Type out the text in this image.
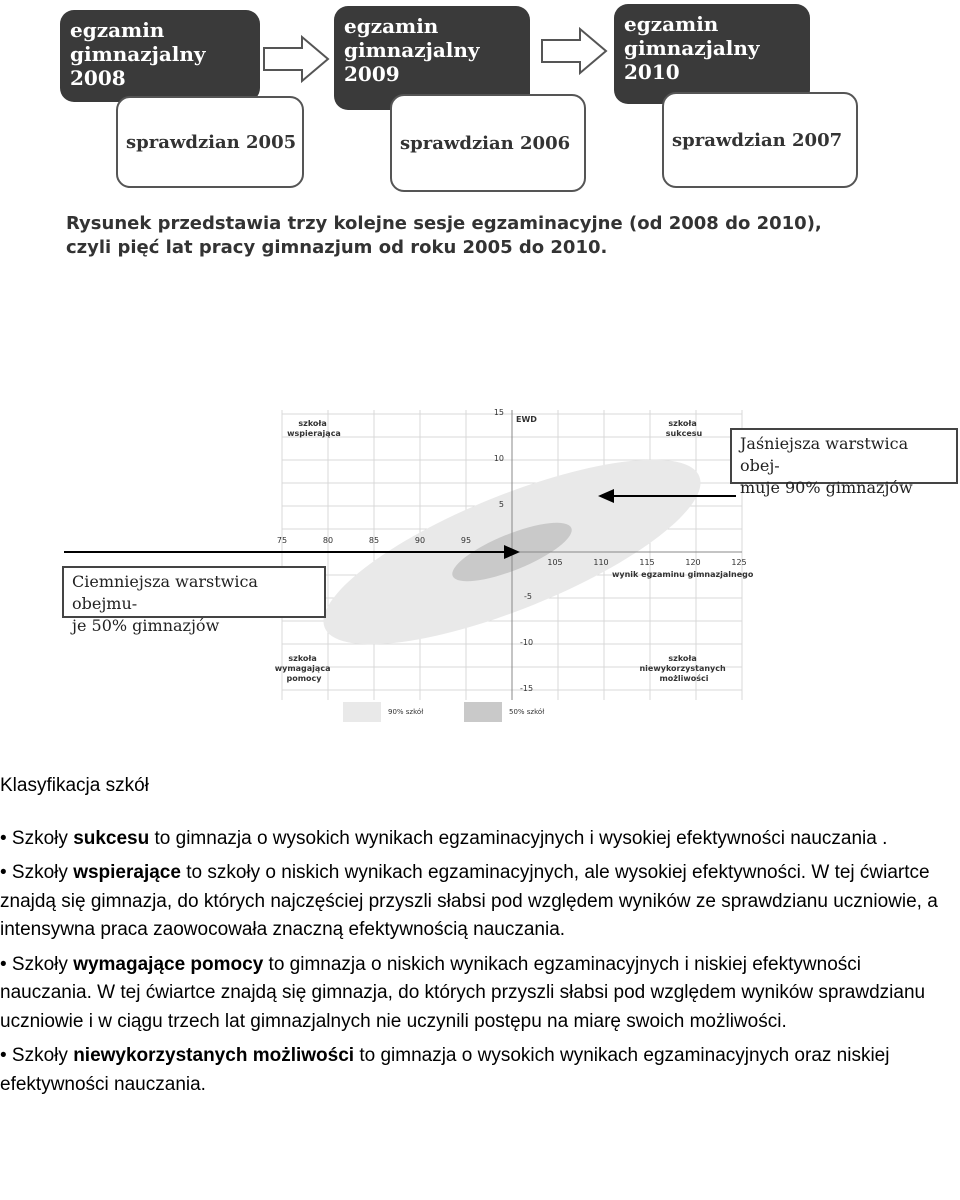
egzamin
gimnazjalny 2008
sprawdzian 2005
egzamin
gimnazjalny 2009
sprawdzian 2006
egzamin
gimnazjalny 2010
sprawdzian 2007
Rysunek przedstawia trzy kolejne sesje egzaminacyjne (od 2008 do 2010),
czyli pięć lat pracy gimnazjum od roku 2005 do 2010.
EWD
wynik egzaminu gimnazjalnego
75	80	85	90	95
105	110	115	120	125
15
10
5
-5
-10
-15
szkoła wspierająca
szkoła sukcesu
szkoła wymagająca pomocy
szkoła niewykorzystanych możliwości
90% szkół	50% szkół
Jaśniejsza warstwica obej-
muje 90% gimnazjów
Ciemniejsza warstwica obejmu-
je 50% gimnazjów
Klasyfikacja szkół

• Szkoły sukcesu to gimnazja o wysokich wynikach egzaminacyjnych i wysokiej efektywności nauczania .

• Szkoły wspierające to szkoły o niskich wynikach egzaminacyjnych, ale wysokiej efektywności. W tej ćwiartce znajdą się gimnazja, do których najczęściej przyszli słabsi pod względem wyników ze sprawdzianu uczniowie, a intensywna praca zaowocowała znaczną efektywnością nauczania.

• Szkoły wymagające pomocy to gimnazja o niskich wynikach egzaminacyjnych i niskiej efektywności nauczania. W tej ćwiartce znajdą się gimnazja, do których przyszli słabsi pod względem wyników sprawdzianu uczniowie i w ciągu trzech lat gimnazjalnych nie uczynili postępu na miarę swoich możliwości.

• Szkoły niewykorzystanych możliwości to gimnazja o wysokich wynikach egzaminacyjnych oraz niskiej efektywności nauczania.
